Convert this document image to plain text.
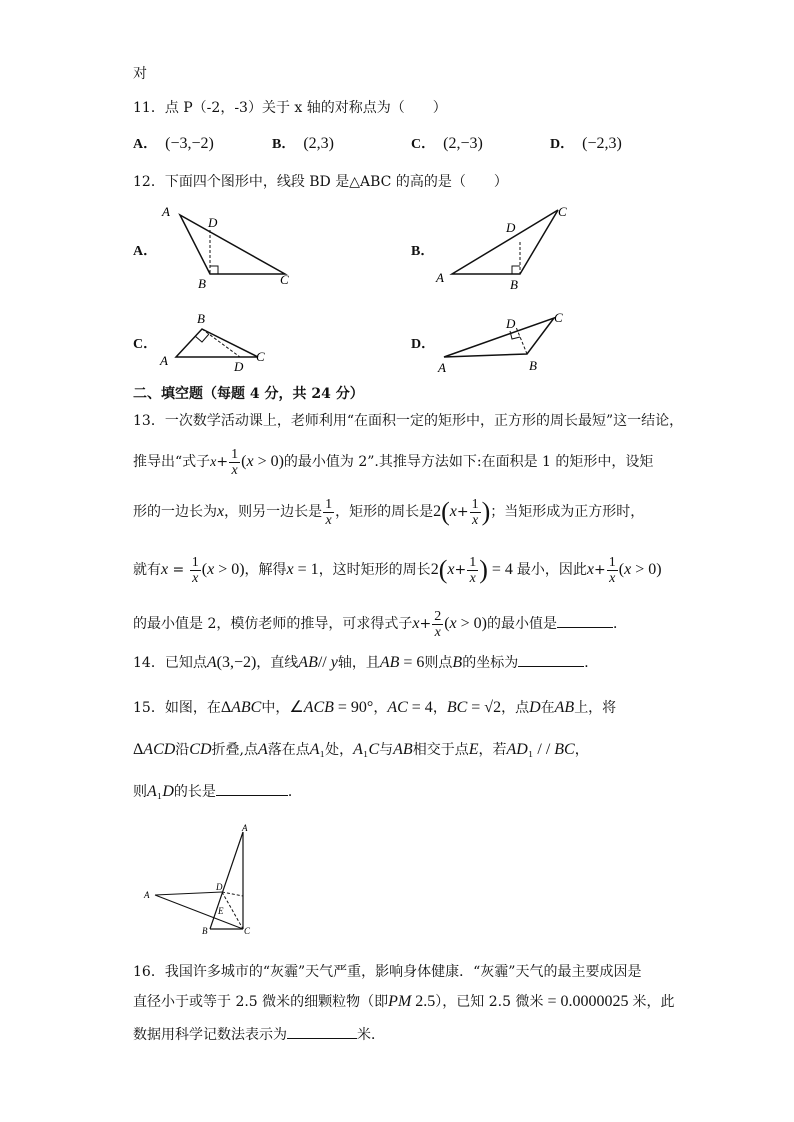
对
11．点 P（-2，-3）关于 x 轴的对称点为（　　）
A． (−3,−2)	B． (2,3)	C． (2,−3)	D． (−2,3)
12．下面四个图形中，线段 BD 是△ABC 的高的是（　　）
A．
A
D
B	C
B．
A
D
B
C
C．
A
B
D
C
D．
A
D
B
C
二、填空题（每题 4 分，共 24 分）
13．一次数学活动课上，老师利用“在面积一定的矩形中，正方形的周长最短”这一结论，
推导出“式子$x+ \frac{1}{x} (x > 0)$的最小值为 2”.其推导方法如下:在面积是 1 的矩形中，设矩
形的一边长为x，则另一边长是 $\frac{1}{x}$ ，矩形的周长是$2(x+ \frac{1}{x}$ )；当矩形成为正方形时，
就有$x = \frac{1}{x} (x > 0)$，解得x = 1，这时矩形的周长$2(x+ \frac{1}{x}$ ) = 4 最小，因此$x+ \frac{1}{x} (x > 0)$
的最小值是 2，模仿老师的推导，可求得式子$x+ \frac{2}{x} (x > 0)$的最小值是	．
14．已知点A(3,−2)，直线AB// y轴，且AB = 6则点B的坐标为	．
15．如图，在ΔABC中，∠ACB = 90°，AC = 4，BC = √2，点D在AB上，将
ΔACD沿CD折叠,点A落在点A₁处，A₁C与AB相交于点E，若AD₁ / / BC，
则A₁D的长是	．
A
A
D
E
B	C
16．我国许多城市的“灰霾”天气严重，影响身体健康．“灰霾”天气的最主要成因是
直径小于或等于 2.5 微米的细颗粒物（即PM 2.5），已知 2.5 微米 = 0.0000025 米，此
数据用科学记数法表示为	米．
